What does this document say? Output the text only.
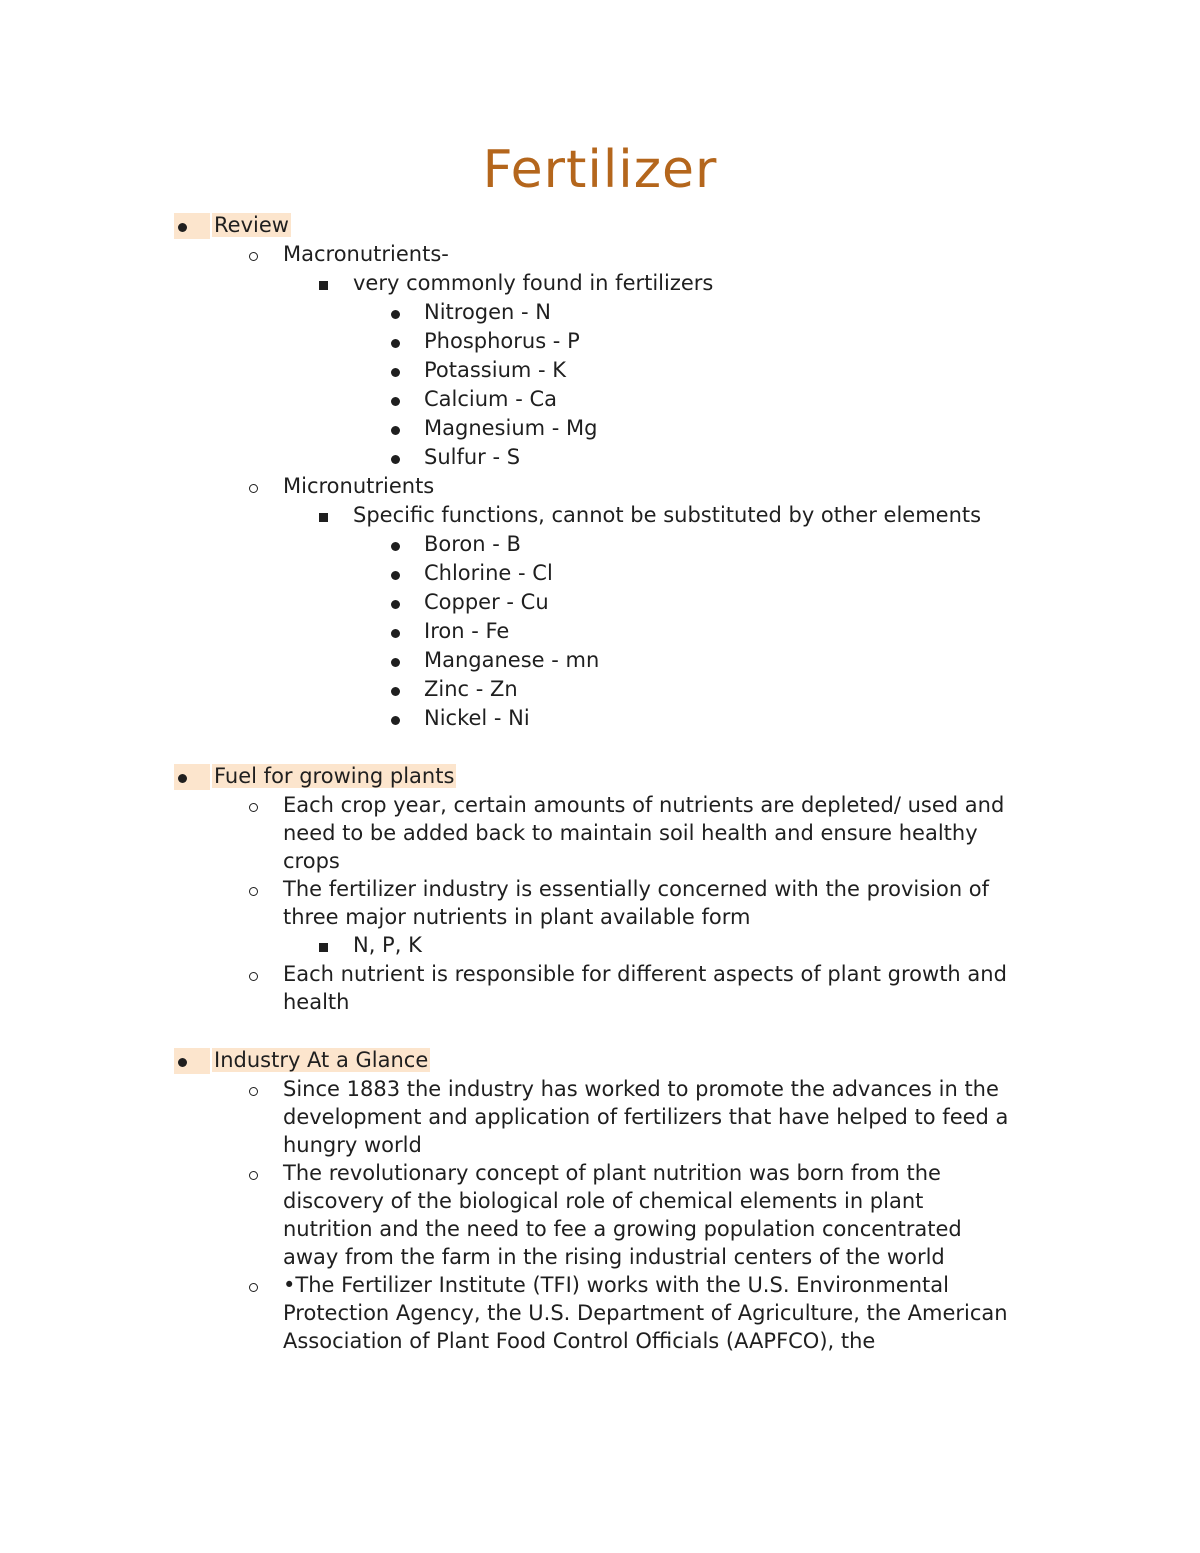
Fertilizer
Review
Macronutrients-
very commonly found in fertilizers
Nitrogen - N
Phosphorus - P
Potassium - K
Calcium - Ca
Magnesium - Mg
Sulfur - S
Micronutrients
Specific functions, cannot be substituted by other elements
Boron - B
Chlorine - Cl
Copper - Cu
Iron - Fe
Manganese - mn
Zinc - Zn
Nickel - Ni
Fuel for growing plants
Each crop year, certain amounts of nutrients are depleted/ used and
need to be added back to maintain soil health and ensure healthy
crops
The fertilizer industry is essentially concerned with the provision of
three major nutrients in plant available form
N, P, K
Each nutrient is responsible for different aspects of plant growth and
health
Industry At a Glance
Since 1883 the industry has worked to promote the advances in the
development and application of fertilizers that have helped to feed a
hungry world
The revolutionary concept of plant nutrition was born from the
discovery of the biological role of chemical elements in plant
nutrition and the need to fee a growing population concentrated
away from the farm in the rising industrial centers of the world
•The Fertilizer Institute (TFI) works with the U.S. Environmental
Protection Agency, the U.S. Department of Agriculture, the American
Association of Plant Food Control Officials (AAPFCO), the
